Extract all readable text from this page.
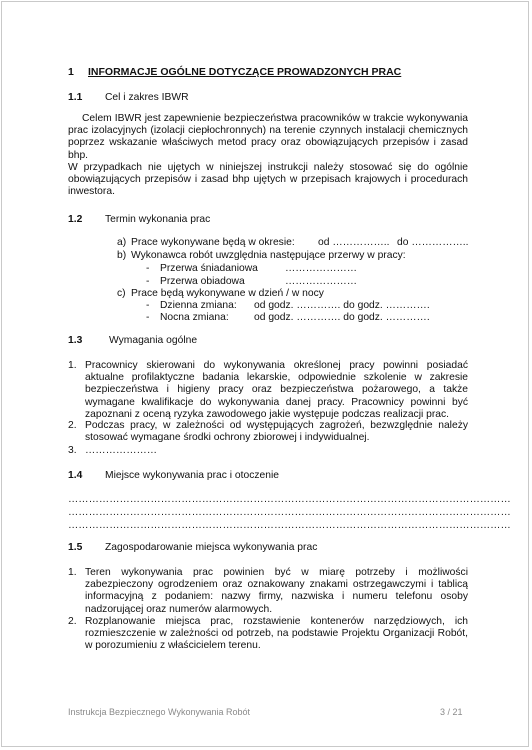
1 INFORMACJE OGÓLNE DOTYCZĄCE PROWADZONYCH PRAC
1.1 Cel i zakres IBWR
Celem IBWR jest zapewnienie bezpieczeństwa pracowników w trakcie wykonywania prac izolacyjnych (izolacji ciepłochronnych) na terenie czynnych instalacji chemicznych poprzez wskazanie właściwych metod pracy oraz obowiązujących przepisów i zasad bhp.
W przypadkach nie ujętych w niniejszej instrukcji należy stosować się do ogólnie obowiązujących przepisów i zasad bhp ujętych w przepisach krajowych i procedurach inwestora.
1.2 Termin wykonania prac
a) Prace wykonywane będą w okresie: od …………….. do ……………..
b) Wykonawca robót uwzględnia następujące przerwy w pracy:
- Przerwa śniadaniowa	…………………
- Przerwa obiadowa	…………………
c) Prace będą wykonywane w dzień / w nocy
- Dzienna zmiana: od godz. …………. do godz. ………….
- Nocna zmiana: od godz. …………. do godz. ………….
1.3	Wymagania ogólne
1. Pracownicy skierowani do wykonywania określonej pracy powinni posiadać aktualne profilaktyczne badania lekarskie, odpowiednie szkolenie w zakresie bezpieczeństwa i higieny pracy oraz bezpieczeństwa pożarowego, a także wymagane kwalifikacje do wykonywania danej pracy. Pracownicy powinni być zapoznani z oceną ryzyka zawodowego jakie występuje podczas realizacji prac.
2. Podczas pracy, w zależności od występujących zagrożeń, bezwzględnie należy stosować wymagane środki ochrony zbiorowej i indywidualnej.
3. …………………
1.4 Miejsce wykonywania prac i otoczenie
…………………………………………………………………………………………………………………
…………………………………………………………………………………………………………………
…………………………………………………………………………………………………………………
1.5 Zagospodarowanie miejsca wykonywania prac
1. Teren wykonywania prac powinien być w miarę potrzeby i możliwości zabezpieczony ogrodzeniem oraz oznakowany znakami ostrzegawczymi i tablicą informacyjną z podaniem: nazwy firmy, nazwiska i numeru telefonu osoby nadzorującej oraz numerów alarmowych.
2. Rozplanowanie miejsca prac, rozstawienie kontenerów narzędziowych, ich rozmieszczenie w zależności od potrzeb, na podstawie Projektu Organizacji Robót, w porozumieniu z właścicielem terenu.
Instrukcja Bezpiecznego Wykonywania Robót	3 / 21
